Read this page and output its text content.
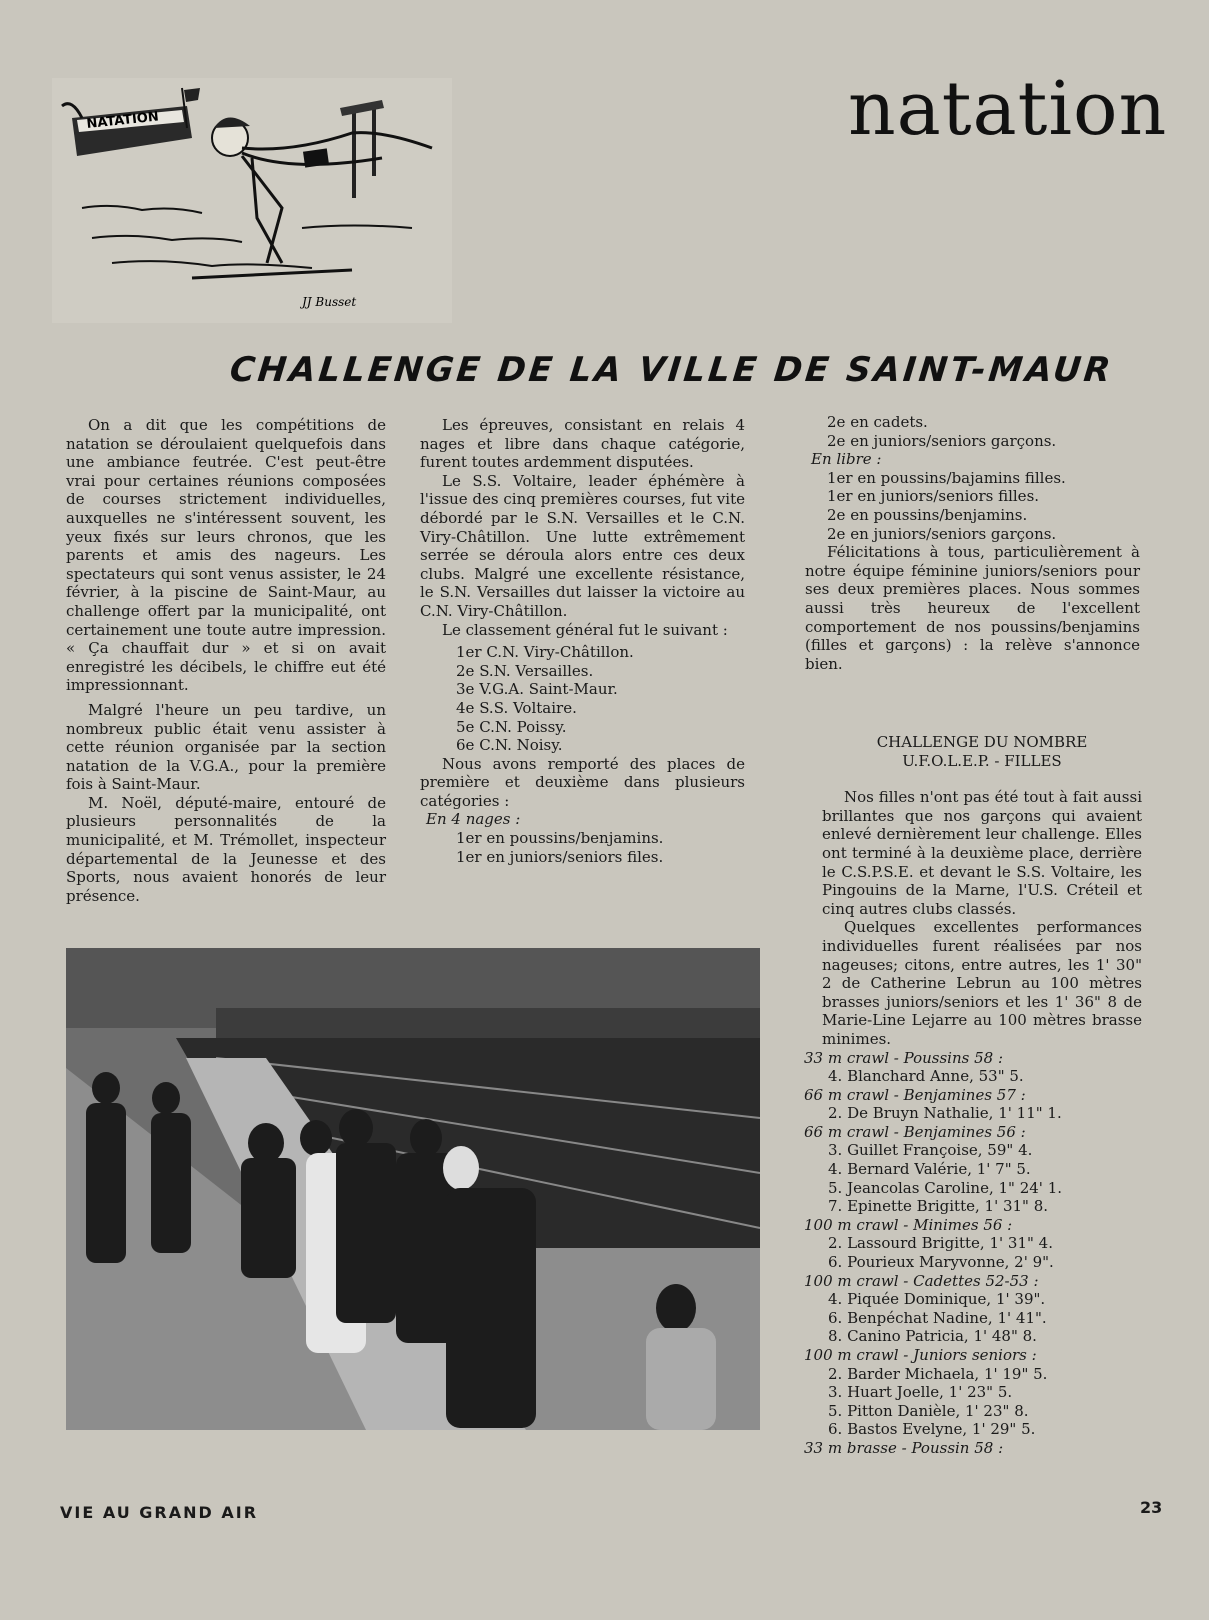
natation
NATATION
JJ Busset
CHALLENGE DE LA VILLE DE SAINT-MAUR

On a dit que les compétitions de natation se déroulaient quelquefois dans une ambiance feutrée. C'est peut-être vrai pour certaines réunions composées de courses strictement individuelles, auxquelles ne s'intéressent souvent, les yeux fixés sur leurs chronos, que les parents et amis des nageurs. Les spectateurs qui sont venus assister, le 24 février, à la piscine de Saint-Maur, au challenge offert par la municipalité, ont certainement une toute autre impression. « Ça chauffait dur » et si on avait enregistré les décibels, le chiffre eut été impressionnant.

Malgré l'heure un peu tardive, un nombreux public était venu assister à cette réunion organisée par la section natation de la V.G.A., pour la première fois à Saint-Maur.

M. Noël, député-maire, entouré de plusieurs personnalités de la municipalité, et M. Trémollet, inspecteur départemental de la Jeunesse et des Sports, nous avaient honorés de leur présence.

Les épreuves, consistant en relais 4 nages et libre dans chaque catégorie, furent toutes ardemment disputées.

Le S.S. Voltaire, leader éphémère à l'issue des cinq premières courses, fut vite débordé par le S.N. Versailles et le C.N. Viry-Châtillon. Une lutte extrêmement serrée se déroula alors entre ces deux clubs. Malgré une excellente résistance, le S.N. Versailles dut laisser la victoire au C.N. Viry-Châtillon.

Le classement général fut le suivant :

1er C.N. Viry-Châtillon.

2e S.N. Versailles.

3e V.G.A. Saint-Maur.

4e S.S. Voltaire.

5e C.N. Poissy.

6e C.N. Noisy.

Nous avons remporté des places de première et deuxième dans plusieurs catégories :

En 4 nages :

1er en poussins/benjamins.

1er en juniors/seniors files.

2e en cadets.

2e en juniors/seniors garçons.

En libre :

1er en poussins/bajamins filles.

1er en juniors/seniors filles.

2e en poussins/benjamins.

2e en juniors/seniors garçons.

Félicitations à tous, particulièrement à notre équipe féminine juniors/seniors pour ses deux premières places. Nous sommes aussi très heureux de l'excellent comportement de nos poussins/benjamins (filles et garçons) : la relève s'annonce bien.

CHALLENGE DU NOMBRE

U.F.O.L.E.P. - FILLES

Nos filles n'ont pas été tout à fait aussi brillantes que nos garçons qui avaient enlevé dernièrement leur challenge. Elles ont terminé à la deuxième place, derrière le C.S.P.S.E. et devant le S.S. Voltaire, les Pingouins de la Marne, l'U.S. Créteil et cinq autres clubs classés.

Quelques excellentes performances individuelles furent réalisées par nos nageuses; citons, entre autres, les 1' 30" 2 de Catherine Lebrun au 100 mètres brasses juniors/seniors et les 1' 36" 8 de Marie-Line Lejarre au 100 mètres brasse minimes.

33 m crawl - Poussins 58 :

4. Blanchard Anne, 53" 5.

66 m crawl - Benjamines 57 :

2. De Bruyn Nathalie, 1' 11" 1.

66 m crawl - Benjamines 56 :

3. Guillet Françoise, 59" 4.

4. Bernard Valérie, 1' 7" 5.

5. Jeancolas Caroline, 1" 24' 1.

7. Epinette Brigitte, 1' 31" 8.

100 m crawl - Minimes 56 :

2. Lassourd Brigitte, 1' 31" 4.

6. Pourieux Maryvonne, 2' 9".

100 m crawl - Cadettes 52-53 :

4. Piquée Dominique, 1' 39".

6. Benpéchat Nadine, 1' 41".

8. Canino Patricia, 1' 48" 8.

100 m crawl - Juniors seniors :

2. Barder Michaela, 1' 19" 5.

3. Huart Joelle, 1' 23" 5.

5. Pitton Danièle, 1' 23" 8.

6. Bastos Evelyne, 1' 29" 5.

33 m brasse - Poussin 58 :

VIE AU GRAND AIR	23
